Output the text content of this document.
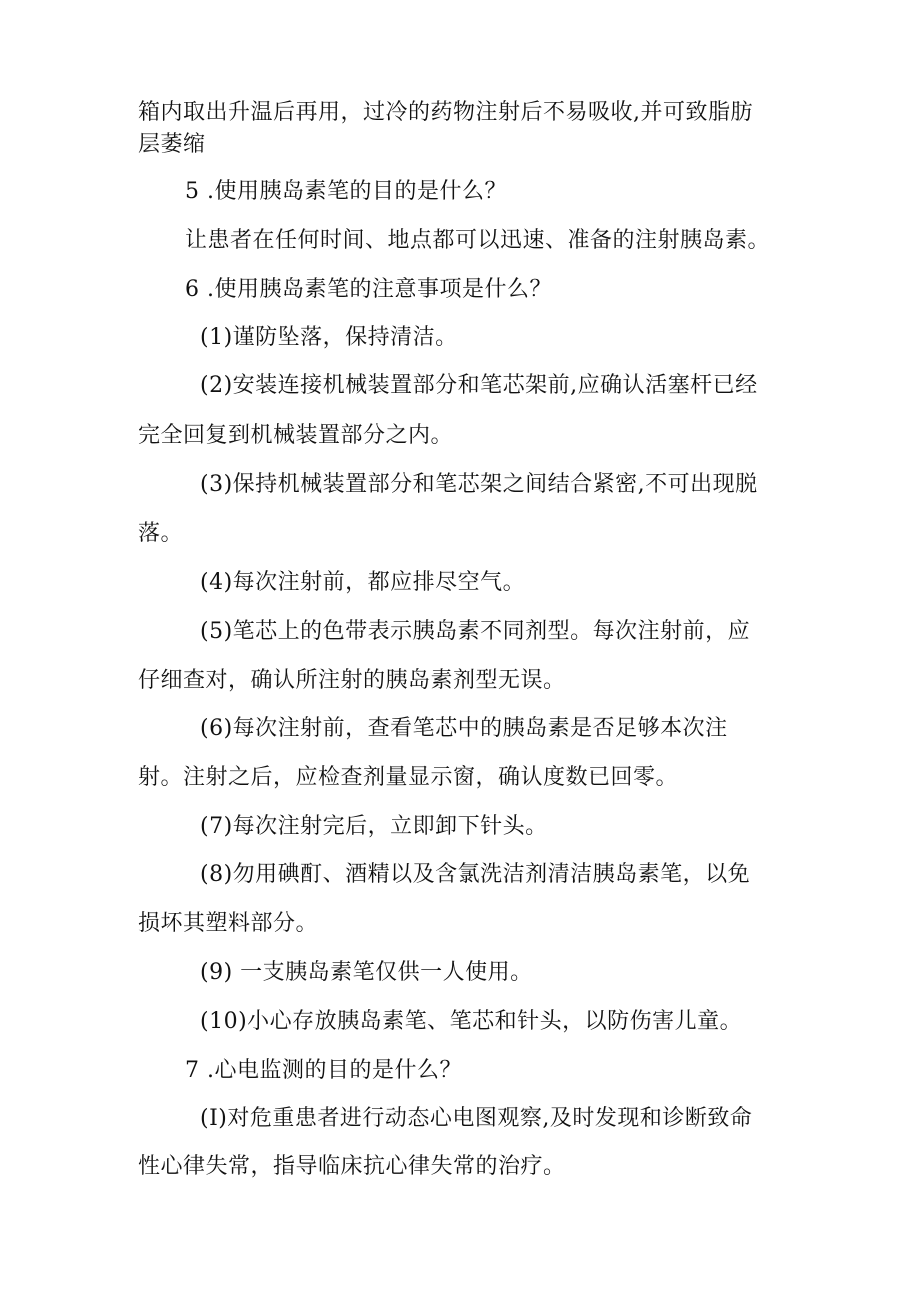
箱内取出升温后再用，过冷的药物注射后不易吸收,并可致脂肪
层萎缩
5 .使用胰岛素笔的目的是什么？
让患者在任何时间、地点都可以迅速、准备的注射胰岛素。
6 .使用胰岛素笔的注意事项是什么？
(1)谨防坠落，保持清洁。
(2)安装连接机械装置部分和笔芯架前,应确认活塞杆已经
完全回复到机械装置部分之内。
(3)保持机械装置部分和笔芯架之间结合紧密,不可出现脱
落。
(4)每次注射前，都应排尽空气。
(5)笔芯上的色带表示胰岛素不同剂型。每次注射前，应
仔细查对，确认所注射的胰岛素剂型无误。
(6)每次注射前，查看笔芯中的胰岛素是否足够本次注
射。注射之后，应检查剂量显示窗，确认度数已回零。
(7)每次注射完后，立即卸下针头。
(8)勿用碘酊、酒精以及含氯洗洁剂清洁胰岛素笔，以免
损坏其塑料部分。
(9) 一支胰岛素笔仅供一人使用。
(10)小心存放胰岛素笔、笔芯和针头，以防伤害儿童。
7 .心电监测的目的是什么？
(I)对危重患者进行动态心电图观察,及时发现和诊断致命
性心律失常，指导临床抗心律失常的治疗。
